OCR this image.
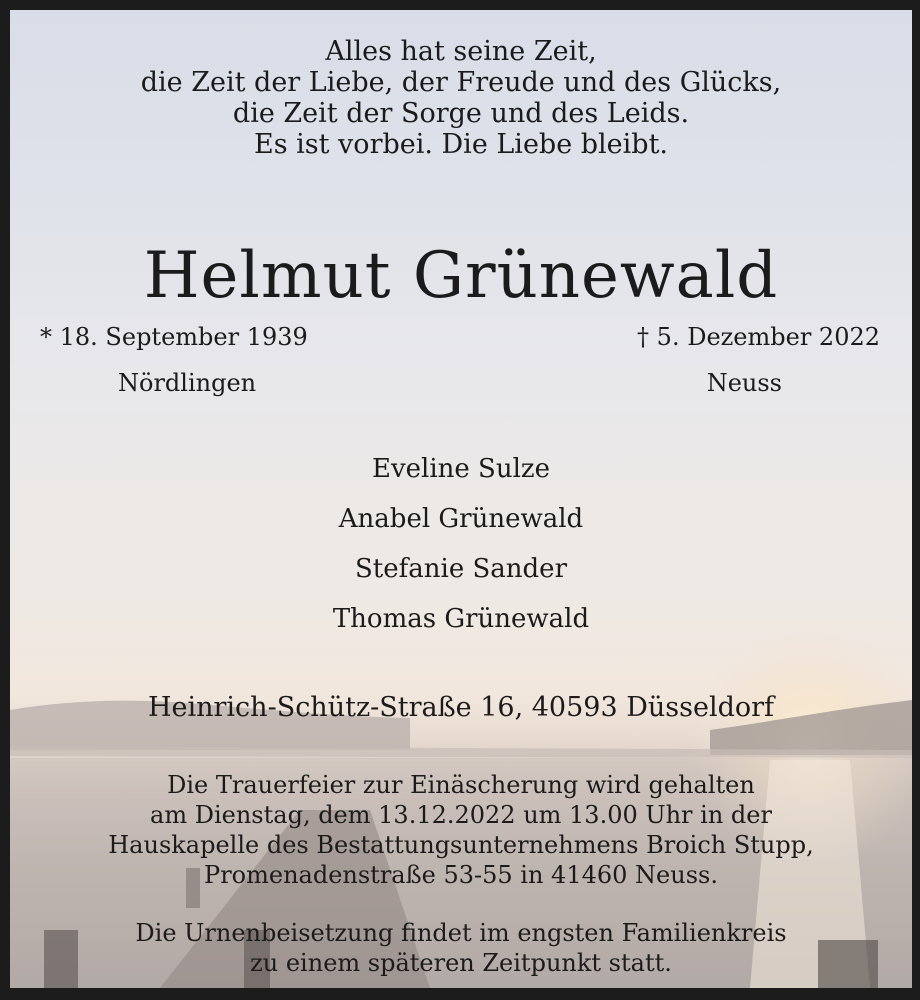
Alles hat seine Zeit,
die Zeit der Liebe, der Freude und des Glücks,
die Zeit der Sorge und des Leids.
Es ist vorbei. Die Liebe bleibt.
Helmut Grünewald

* 18. September 1939

Nördlingen

† 5. Dezember 2022

Neuss

Eveline Sulze
Anabel Grünewald
Stefanie Sander
Thomas Grünewald
Heinrich-Schütz-Straße 16, 40593 Düsseldorf
Die Trauerfeier zur Einäscherung wird gehalten
am Dienstag, dem 13.12.2022 um 13.00 Uhr in der
Hauskapelle des Bestattungsunternehmens Broich Stupp,
Promenadenstraße 53-55 in 41460 Neuss.
Die Urnenbeisetzung findet im engsten Familienkreis
zu einem späteren Zeitpunkt statt.
